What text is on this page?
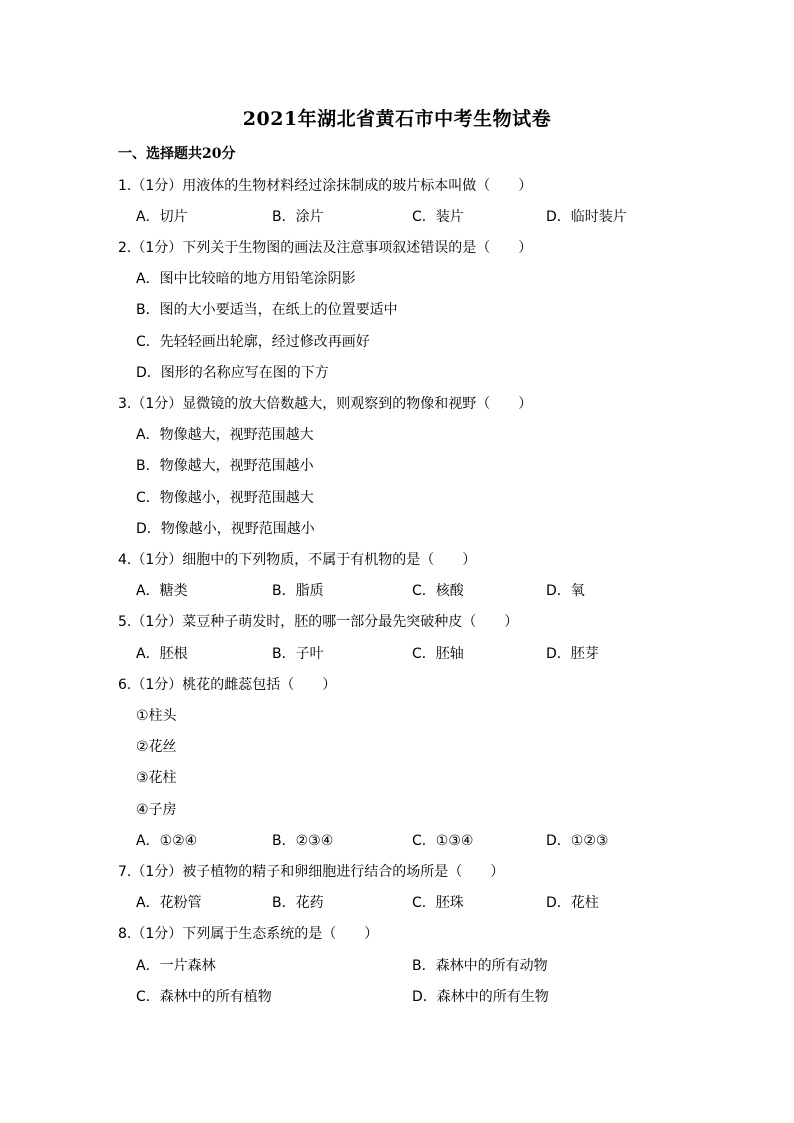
2021年湖北省黄石市中考生物试卷
一、选择题共20分
1.（1分）用液体的生物材料经过涂抹制成的玻片标本叫做（　　）
A．切片	B．涂片	C．装片	D．临时装片
2.（1分）下列关于生物图的画法及注意事项叙述错误的是（　　）
A．图中比较暗的地方用铅笔涂阴影
B．图的大小要适当，在纸上的位置要适中
C．先轻轻画出轮廓，经过修改再画好
D．图形的名称应写在图的下方
3.（1分）显微镜的放大倍数越大，则观察到的物像和视野（　　）
A．物像越大，视野范围越大
B．物像越大，视野范围越小
C．物像越小，视野范围越大
D．物像越小，视野范围越小
4.（1分）细胞中的下列物质，不属于有机物的是（　　）
A．糖类	B．脂质	C．核酸	D．氧
5.（1分）菜豆种子萌发时，胚的哪一部分最先突破种皮（　　）
A．胚根	B．子叶	C．胚轴	D．胚芽
6.（1分）桃花的雌蕊包括（　　）
①柱头
②花丝
③花柱
④子房
A．①②④	B．②③④	C．①③④	D．①②③
7.（1分）被子植物的精子和卵细胞进行结合的场所是（　　）
A．花粉管	B．花药	C．胚珠	D．花柱
8.（1分）下列属于生态系统的是（　　）
A．一片森林	B．森林中的所有动物
C．森林中的所有植物	D．森林中的所有生物
